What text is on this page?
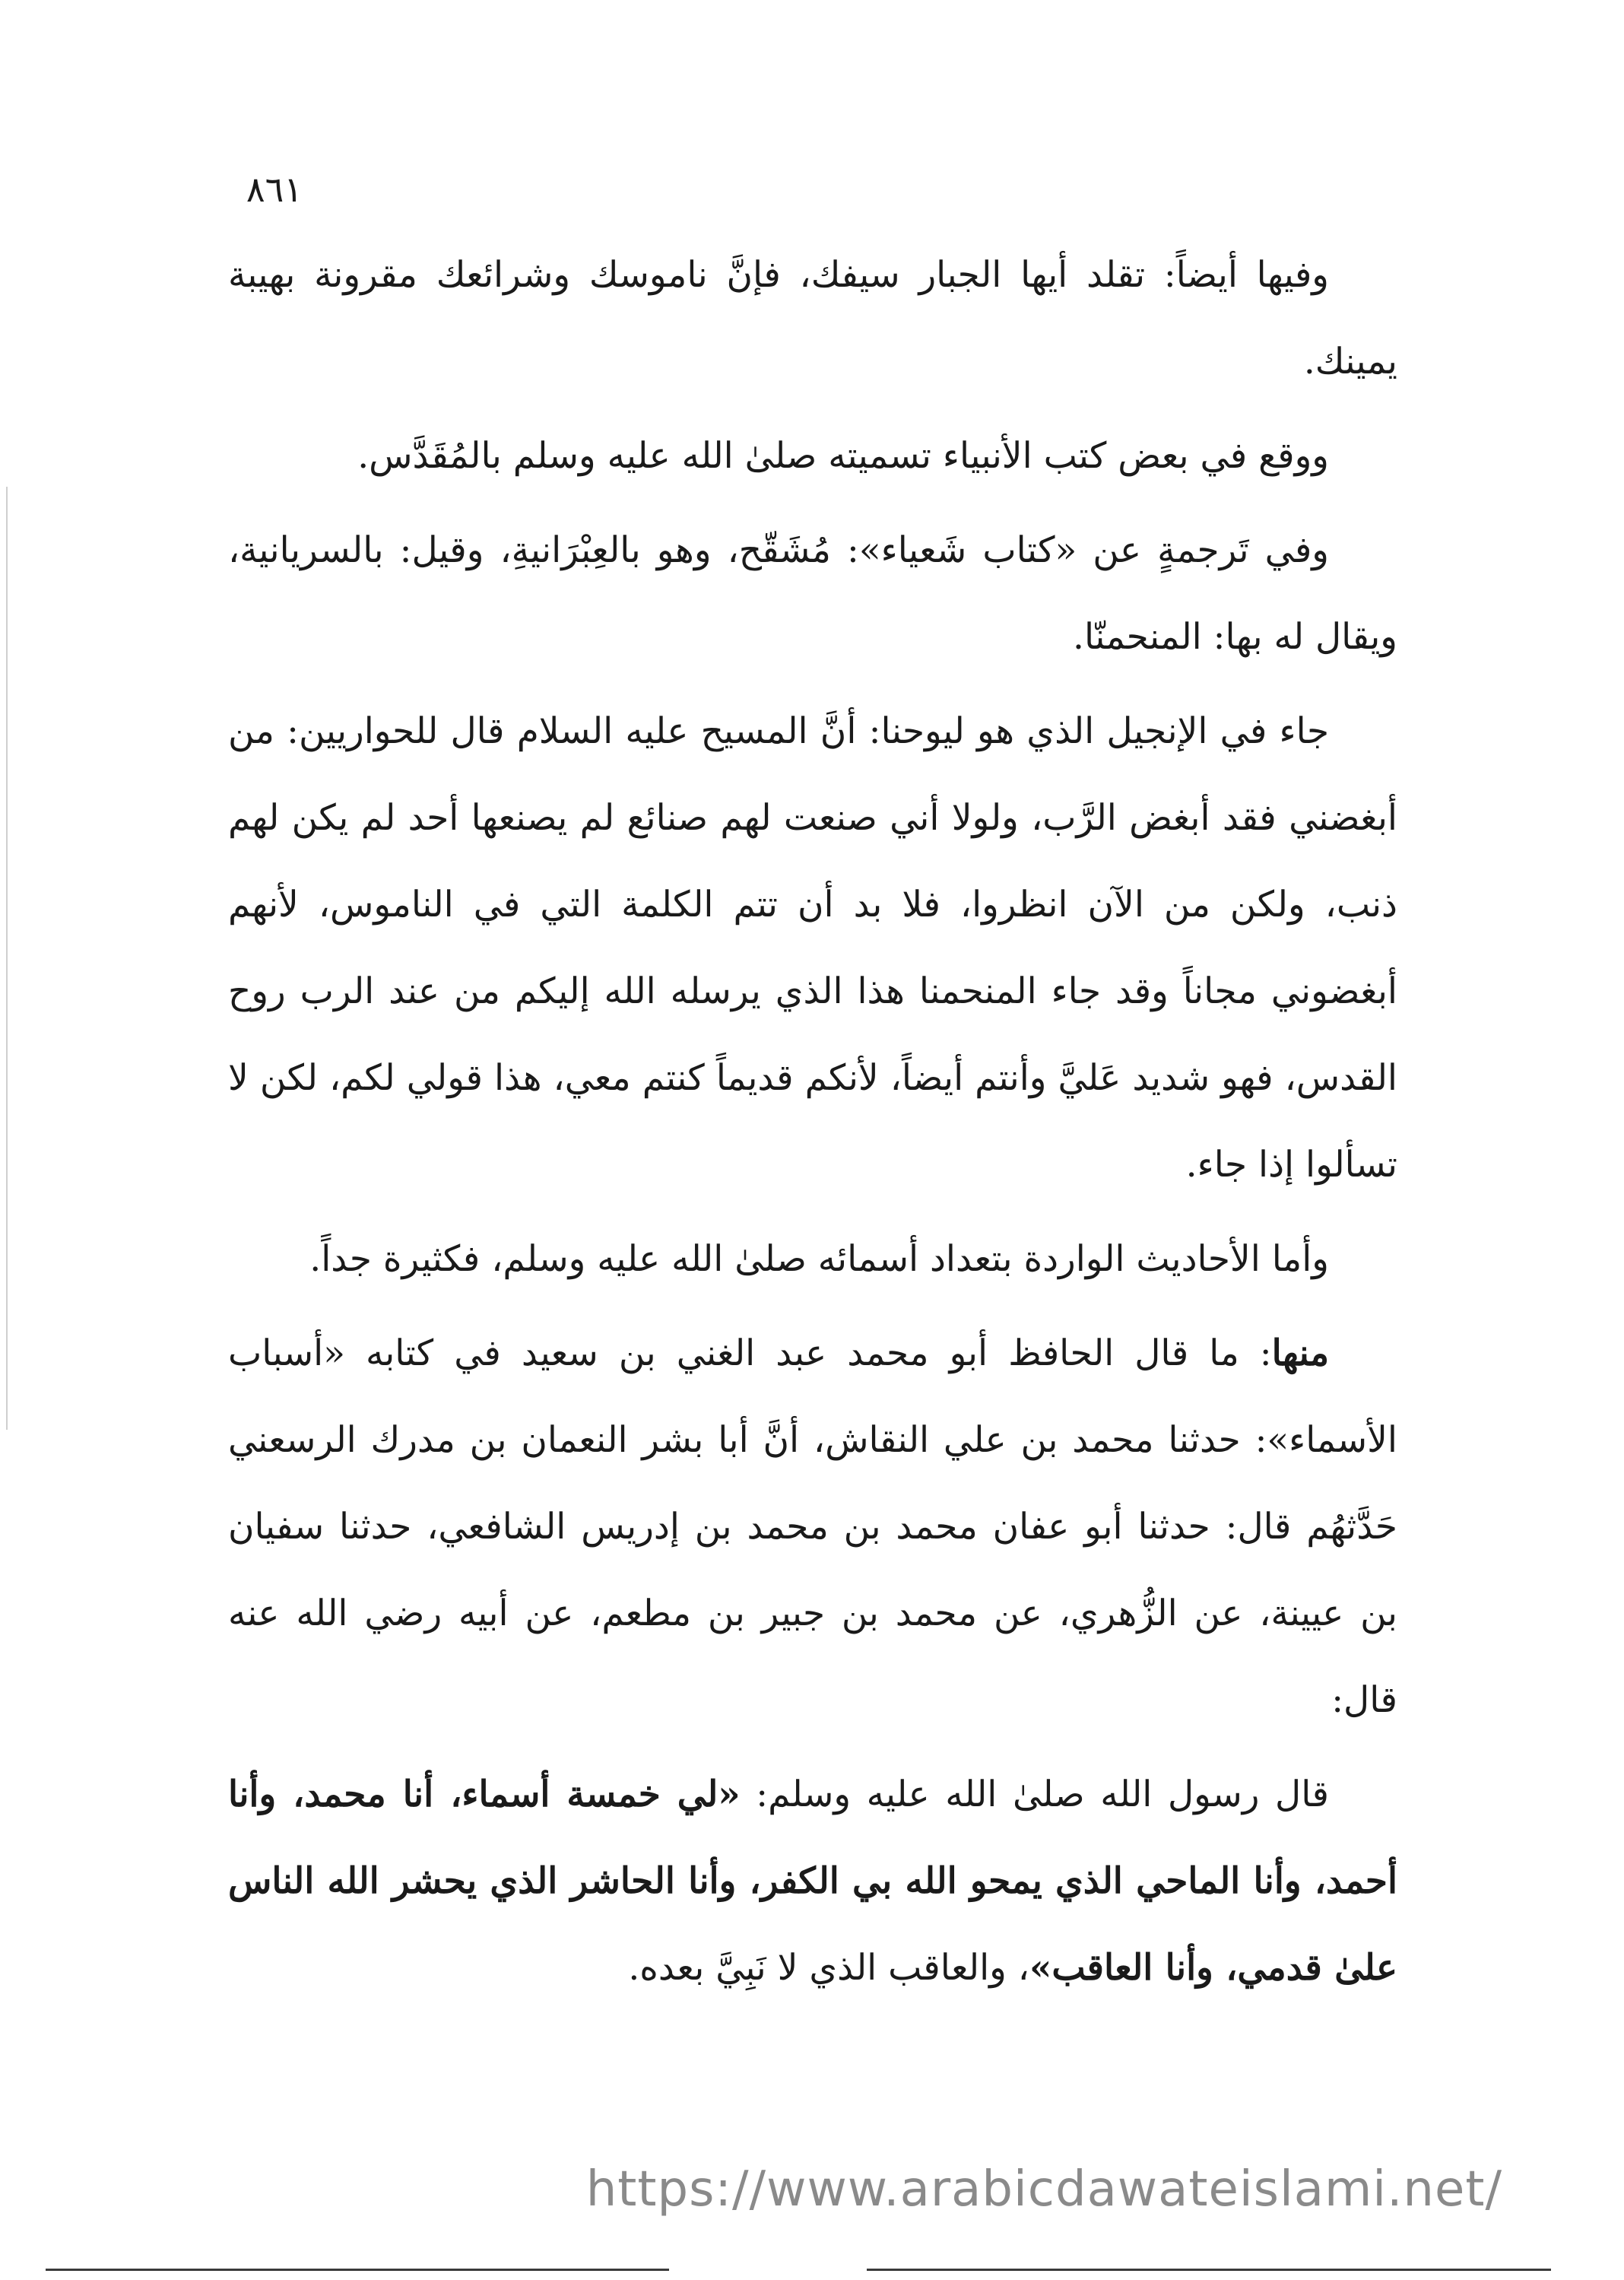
٨٦١

وفيها أيضاً: تقلد أيها الجبار سيفك، فإنَّ ناموسك وشرائعك مقرونة بهيبة يمينك.

ووقع في بعض كتب الأنبياء تسميته صلىٰ الله عليه وسلم بالمُقَدَّس.

وفي تَرجمةٍ عن «كتاب شَعياء»: مُشَقّح، وهو بالعِبْرَانيةِ، وقيل: بالسريانية، ويقال له بها: المنحمنّا.

جاء في الإنجيل الذي هو ليوحنا: أنَّ المسيح عليه السلام قال للحواريين: من أبغضني فقد أبغض الرَّب، ولولا أني صنعت لهم صنائع لم يصنعها أحد لم يكن لهم ذنب، ولكن من الآن انظروا، فلا بد أن تتم الكلمة التي في الناموس، لأنهم أبغضوني مجاناً وقد جاء المنحمنا هذا الذي يرسله الله إليكم من عند الرب روح القدس، فهو شديد عَليَّ وأنتم أيضاً، لأنكم قديماً كنتم معي، هذا قولي لكم، لكن لا تسألوا إذا جاء.

وأما الأحاديث الواردة بتعداد أسمائه صلىٰ الله عليه وسلم، فكثيرة جداً.

منها: ما قال الحافظ أبو محمد عبد الغني بن سعيد في كتابه «أسباب الأسماء»: حدثنا محمد بن علي النقاش، أنَّ أبا بشر النعمان بن مدرك الرسعني حَدَّثهُم قال: حدثنا أبو عفان محمد بن محمد بن إدريس الشافعي، حدثنا سفيان بن عيينة، عن الزُّهري، عن محمد بن جبير بن مطعم، عن أبيه رضي الله عنه قال:

قال رسول الله صلىٰ الله عليه وسلم: «لي خمسة أسماء، أنا محمد، وأنا أحمد، وأنا الماحي الذي يمحو الله بي الكفر، وأنا الحاشر الذي يحشر الله الناس علىٰ قدمي، وأنا العاقب»، والعاقب الذي لا نَبِيَّ بعده.

https://www.arabicdawateislami.net/
